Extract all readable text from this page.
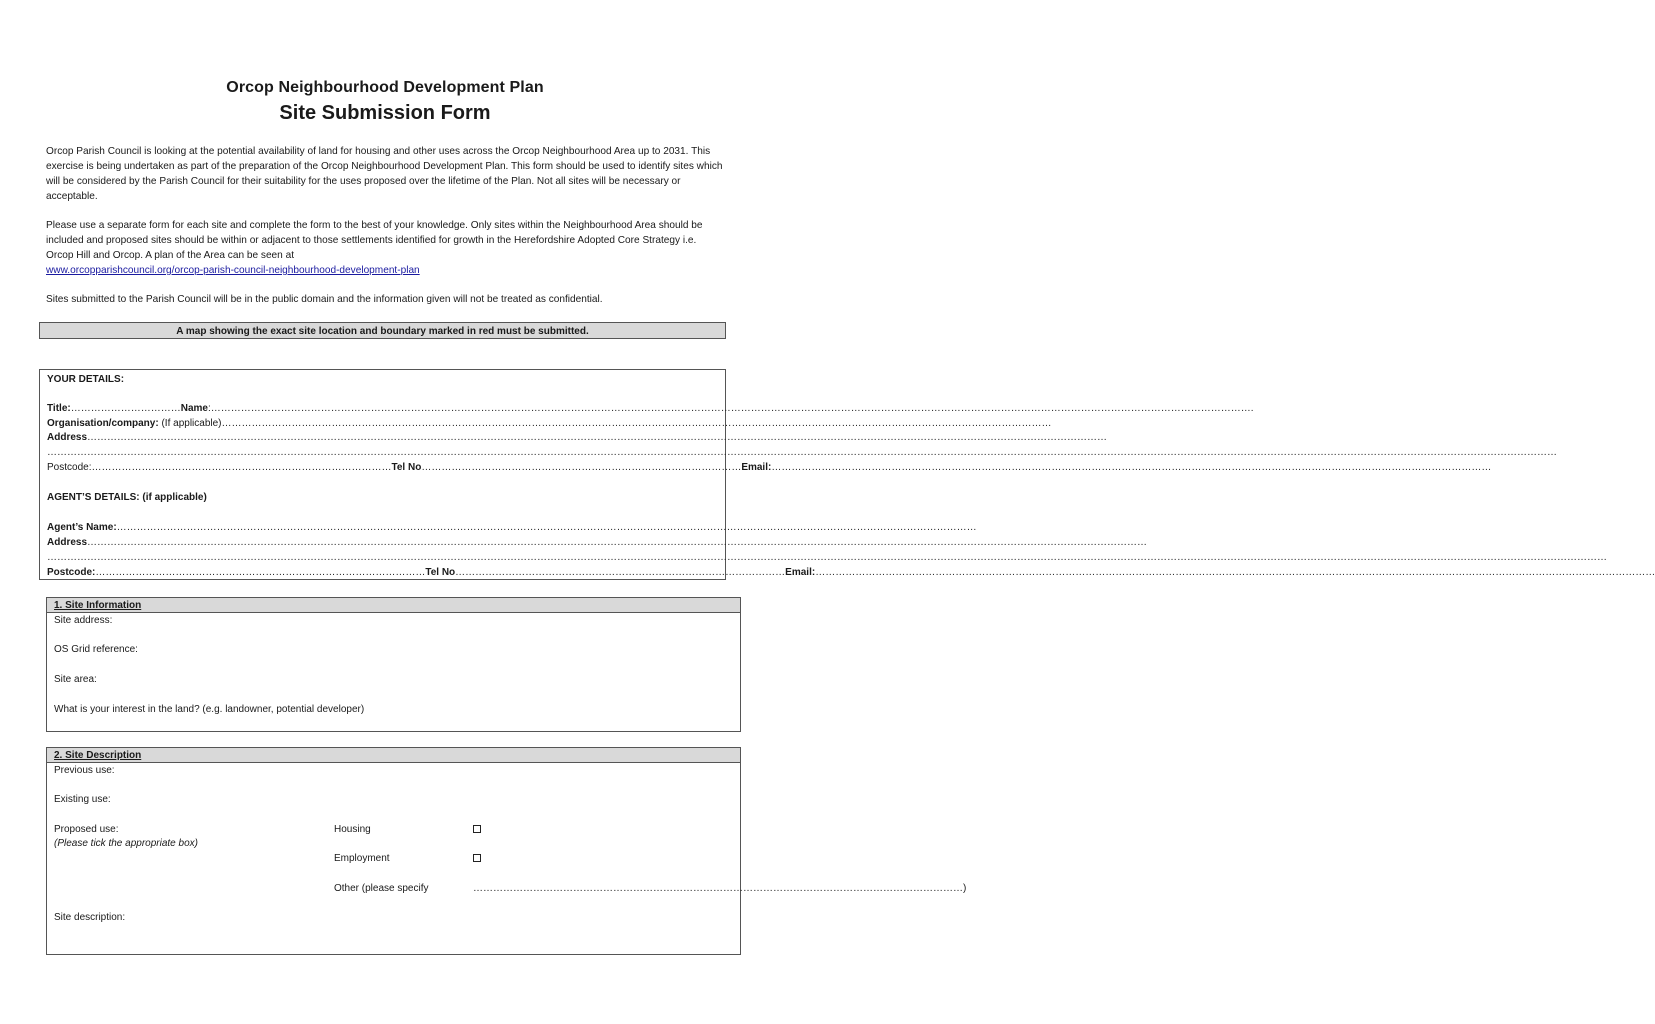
Orcop Neighbourhood Development Plan
Site Submission Form
Orcop Parish Council is looking at the potential availability of land for housing and other uses across the Orcop Neighbourhood Area up to 2031. This exercise is being undertaken as part of the preparation of the Orcop Neighbourhood Development Plan. This form should be used to identify sites which will be considered by the Parish Council for their suitability for the uses proposed over the lifetime of the Plan. Not all sites will be necessary or acceptable.
Please use a separate form for each site and complete the form to the best of your knowledge. Only sites within the Neighbourhood Area should be included and proposed sites should be within or adjacent to those settlements identified for growth in the Herefordshire Adopted Core Strategy i.e. Orcop Hill and Orcop. A plan of the Area can be seen at
www.orcopparishcouncil.org/orcop-parish-council-neighbourhood-development-plan
Sites submitted to the Parish Council will be in the public domain and the information given will not be treated as confidential.
A map showing the exact site location and boundary marked in red must be submitted.
YOUR DETAILS:
Title:……………………………Name:…………………………………………………………………………………………………………………………………………………………………………………………………………………………………………………………………………………….
Organisation/company: (If applicable)……………………………………………………………………………………………………………………………………………………………………………………………………………………………
Address………………………………………………………………………………………………………………………………………………………………………………………………………………………………………………………………………………
…………………………………………………………………………………………………………………………………………………………………………………………………………………………………………………………………………………………………………………………………………………………………………………………………………………
Postcode:………………………………………………………………………………Tel No……………………………………………………………………………………Email:………………………………………………………………………………………………………………………………………………………………………………………………
AGENT’S DETAILS: (if applicable)
Agent’s Name:……………………………………………………………………………………………………………………………………………………………………………………………………………………………………
Address…………………………………………………………………………………………………………………………………………………………………………………………………………………………………………………………………………………………
………………………………………………………………………………………………………………………………………………………………………………………………………………………………………………………………………………………………………………………………………………………………………………………………………………………………
Postcode:………………………………………………………………………………………Tel No………………………………………………………………………………………Email:………………………………………………………………………………………………………………………………………………………………………………………………………………………………
1. Site Information
Site address:
OS Grid reference:
Site area:
What is your interest in the land? (e.g. landowner, potential developer)
2. Site Description
Previous use:
Existing use:
Proposed use:
(Please tick the appropriate box)
Housing
Employment
Other (please specify	…………………………………………………………………………………………………………………………………)
Site description:
